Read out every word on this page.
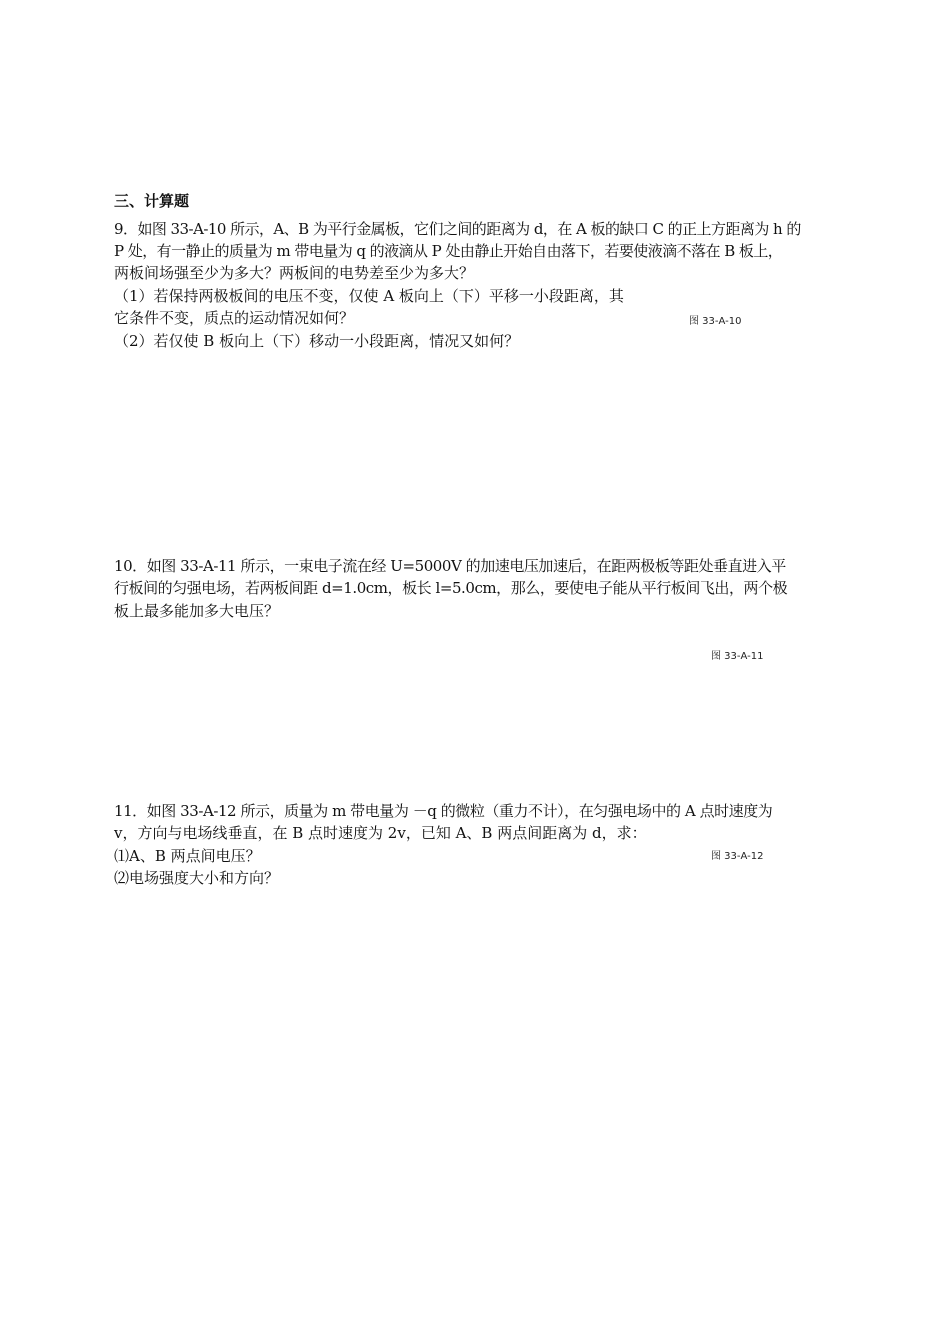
三、计算题

9．如图 33-A-10 所示，A、B 为平行金属板，它们之间的距离为 d，在 A 板的缺口 C 的正上方距离为 h 的

P 处，有一静止的质量为 m 带电量为 q 的液滴从 P 处由静止开始自由落下，若要使液滴不落在 B 板上，

两板间场强至少为多大？两板间的电势差至少为多大？

（1）若保持两极板间的电压不变，仅使 A 板向上（下）平移一小段距离，其

它条件不变，质点的运动情况如何？

（2）若仅使 B 板向上（下）移动一小段距离，情况又如何？

图 33-A-10

10．如图 33-A-11 所示，一束电子流在经 U=5000V 的加速电压加速后，在距两极板等距处垂直进入平

行板间的匀强电场，若两板间距 d=1.0cm，板长 l=5.0cm，那么，要使电子能从平行板间飞出，两个极

板上最多能加多大电压？

图 33-A-11

11．如图 33-A-12 所示，质量为 m 带电量为 －q 的微粒（重力不计），在匀强电场中的 A 点时速度为

v，方向与电场线垂直，在 B 点时速度为 2v，已知 A、B 两点间距离为 d，求：

⑴A、B 两点间电压？

⑵电场强度大小和方向？

图 33-A-12
